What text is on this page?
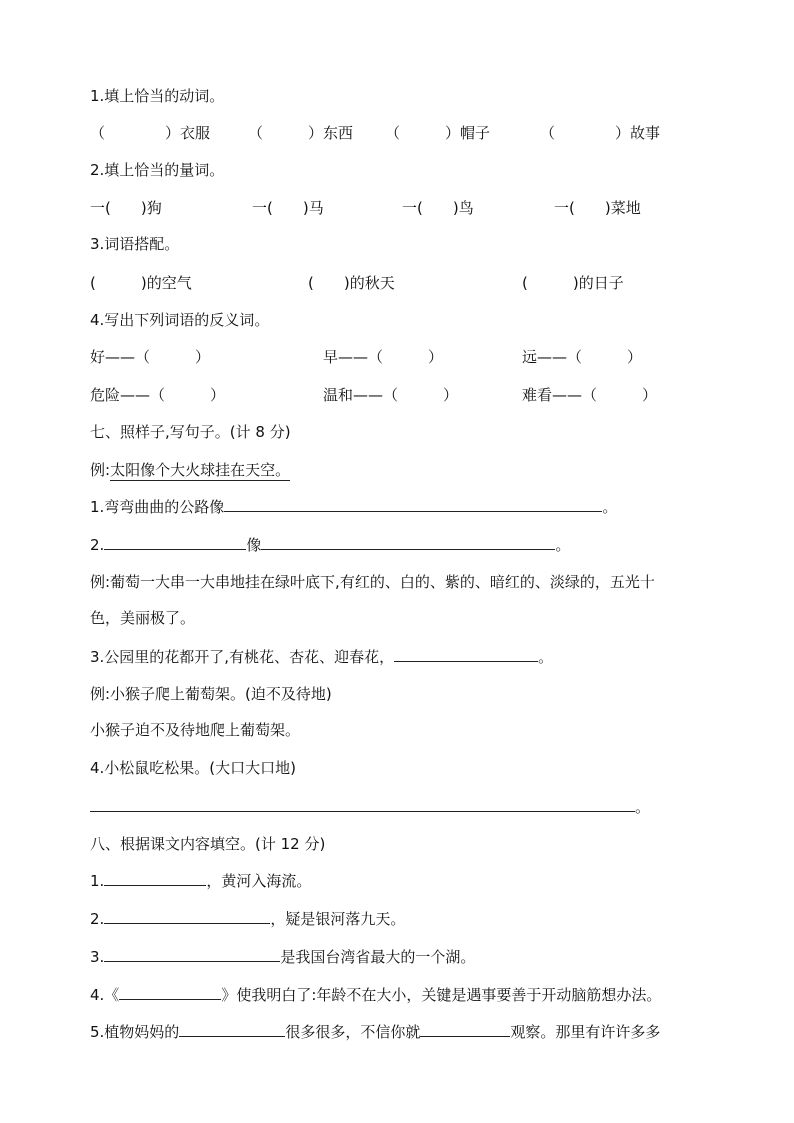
1.填上恰当的动词。
（　　　　）衣服	（　　　）东西 （　　　）帽子	（　　　　）故事
2.填上恰当的量词。
一(　　)狗	一(　　)马	一(　　)鸟	一(　　)菜地
3.词语搭配。
(　　　)的空气	(　　)的秋天	(　　　)的日子
4.写出下列词语的反义词。
好——（　　　）	早——（　　　）	远——（　　　）
危险——（　　　）	温和——（　　　）	难看——（　　　）
七、照样子,写句子。(计 8 分)
例:太阳像个大火球挂在天空。
1.弯弯曲曲的公路像	。
2.	像	。
例:葡萄一大串一大串地挂在绿叶底下,有红的、白的、紫的、暗红的、淡绿的，五光十
色，美丽极了。
3.公园里的花都开了,有桃花、杏花、迎春花，	。
例:小猴子爬上葡萄架。(迫不及待地)
小猴子迫不及待地爬上葡萄架。
4.小松鼠吃松果。(大口大口地)
。
八、根据课文内容填空。(计 12 分)
1.	，黄河入海流。
2.	，疑是银河落九天。
3.	是我国台湾省最大的一个湖。
4.《	》使我明白了:年龄不在大小，关键是遇事要善于开动脑筋想办法。
5.植物妈妈的	很多很多，不信你就	观察。那里有许许多多
